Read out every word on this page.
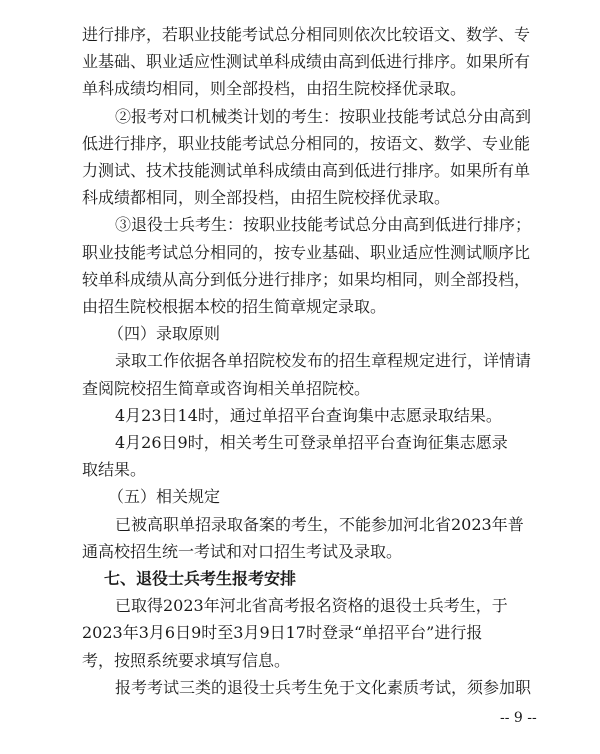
进行排序，若职业技能考试总分相同则依次比较语文、数学、专

业基础、职业适应性测试单科成绩由高到低进行排序。如果所有

单科成绩均相同，则全部投档，由招生院校择优录取。

②报考对口机械类计划的考生：按职业技能考试总分由高到

低进行排序，职业技能考试总分相同的，按语文、数学、专业能

力测试、技术技能测试单科成绩由高到低进行排序。如果所有单

科成绩都相同，则全部投档，由招生院校择优录取。

③退役士兵考生：按职业技能考试总分由高到低进行排序；

职业技能考试总分相同的，按专业基础、职业适应性测试顺序比

较单科成绩从高分到低分进行排序；如果均相同，则全部投档，

由招生院校根据本校的招生简章规定录取。

（四）录取原则

录取工作依据各单招院校发布的招生章程规定进行，详情请

查阅院校招生简章或咨询相关单招院校。

4月23日14时，通过单招平台查询集中志愿录取结果。

4月26日9时，相关考生可登录单招平台查询征集志愿录

取结果。

（五）相关规定

已被高职单招录取备案的考生，不能参加河北省2023年普

通高校招生统一考试和对口招生考试及录取。

七、退役士兵考生报考安排

已取得2023年河北省高考报名资格的退役士兵考生，于

2023年3月6日9时至3月9日17时登录“单招平台”进行报

考，按照系统要求填写信息。

报考考试三类的退役士兵考生免于文化素质考试，须参加职

-- 9 --
